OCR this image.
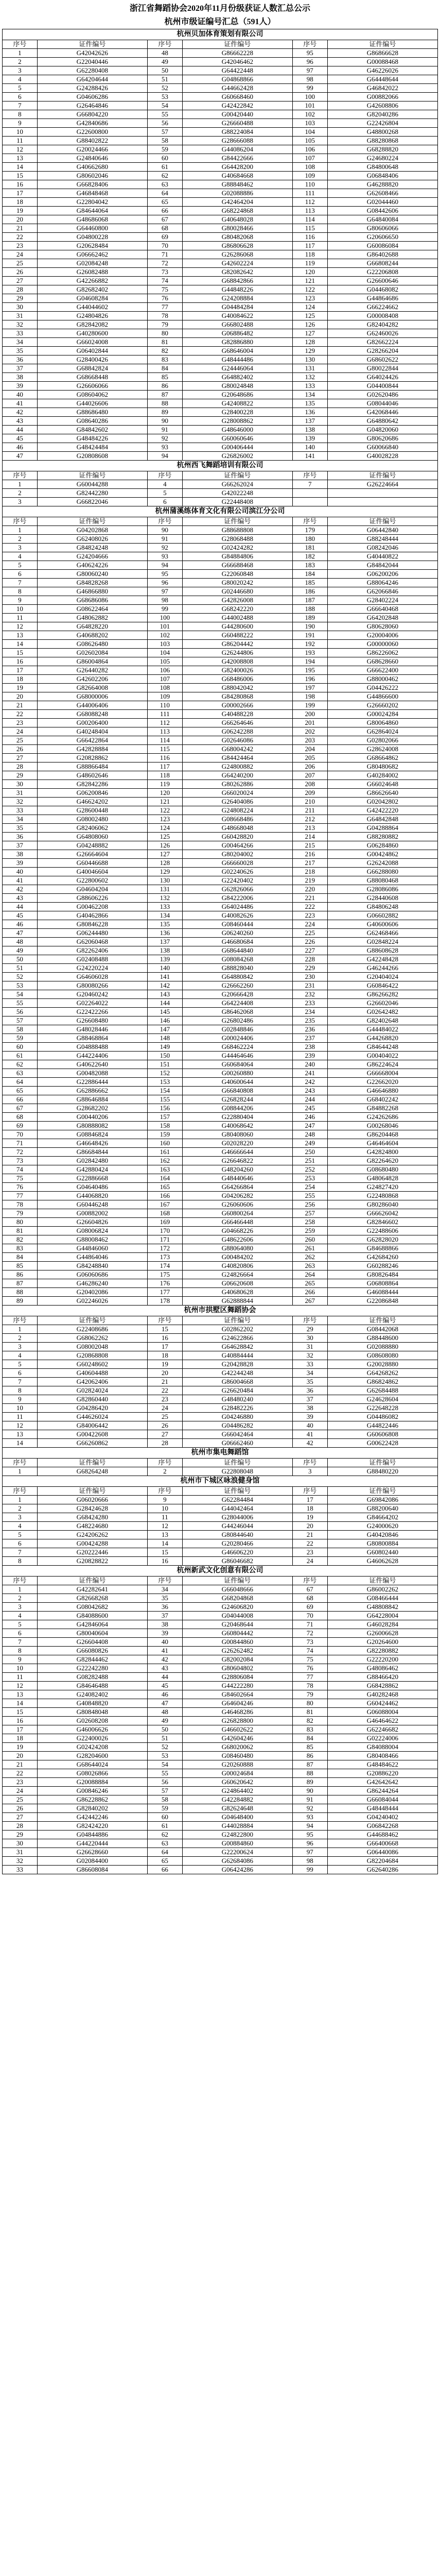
浙江省舞蹈协会2020年11月份级获证人数汇总公示
杭州市级证编号汇总（591人）
杭州贝加体育策划有限公司					
序号	证件编号	序号	证件编号	序号	证件编号
1	G42042626	48	G86662228	95	G86866628
2	G22040446	49	G42046462	96	G00088468
3	G62280408	50	G64422448	97	G46226026
4	G64204644	51	G04868866	98	G64448644
5	G24288426	52	G44662428	99	G46842022
6	G04606286	53	G60668460	100	G00882066
7	G26464846	54	G42422842	101	G42608806
8	G66804220	55	G00420440	102	G82040286
9	G42840686	56	G26660488	103	G22426804
10	G22600800	57	G88224084	104	G48800268
11	G88402822	58	G28666088	105	G88280868
12	G20024466	59	G44086204	106	G68288820
13	G24840646	60	G84422666	107	G24680224
14	G40662680	61	G64428200	108	G84800648
15	G80602046	62	G40684668	109	G06848406
16	G66828406	63	G88848462	110	G46288820
17	G46848468	64	G02088886	111	G62608466
18	G22804042	65	G42464204	112	G02044460
19	G84644064	66	G68224868	113	G08442606
20	G48686068	67	G40648028	114	G64840084
21	G64460800	68	G80028466	115	G80606066
22	G04800228	69	G80482068	116	G20606650
23	G20628484	70	G86806628	117	G60086084
24	G06662462	71	G26286068	118	G86402688
25	G02084248	72	G42602224	119	G66808244
26	G26082488	73	G82082642	120	G22206808
27	G42266882	74	G68842866	121	G26600646
28	G82682402	75	G44848226	122	G04468082
29	G04608284	76	G24208884	123	G44864686
30	G44044602	77	G04484284	124	G66224662
31	G24804826	78	G40084622	125	G00008408
32	G82842082	79	G66802488	126	G82404282
33	G40280600	80	G06886482	127	G62460026
34	G66024008	81	G82886880	128	G82662224
35	G06402844	82	G68646004	129	G28266204
36	G28400426	83	G48444486	130	G68602622
37	G68842824	84	G24446064	131	G80022844
38	G68668448	85	G64882402	132	G64024426
39	G26606066	86	G80024848	133	G04400844
40	G08604062	87	G20648686	134	G02620486
41	G44026606	88	G42408822	135	G08044046
42	G88686480	89	G28400228	136	G42068446
43	G08640286	90	G28008862	137	G64880642
44	G84842602	91	G48646000	138	G04820060
45	G48484226	92	G60060646	139	G80620686
46	G48424484	93	G00406444	140	G60066840
47	G20808608	94	G26826002	141	G40028228
杭州西飞舞蹈培训有限公司					
序号	证件编号	序号	证件编号	序号	证件编号
1	G60044288	4	G66262024	7	G26224664
2	G82442280	5	G42022248		
3	G66822046	6	G22448408		
杭州蒲溪练体育文化有限公司滨江分公司					
序号	证件编号	序号	证件编号	序号	证件编号
1	G04202868	90	G88688808	179	G06442840
2	G62408026	91	G28068488	180	G88248444
3	G84824248	92	G02424282	181	G08242046
4	G24204666	93	G84884806	182	G40440822
5	G40624226	94	G66688468	183	G84842044
6	G80060240	95	G22060848	184	G06200206
7	G84828268	96	G80020242	185	G88064246
8	G46866880	97	G02446680	186	G62066846
9	G68686086	98	G42826008	187	G28402224
10	G08622464	99	G68242220	188	G66640468
11	G48062882	100	G44002488	189	G64202848
12	G64828220	101	G44280600	190	G80628060
13	G40688202	102	G60488222	191	G20004006
14	G08626480	103	G86204442	192	G00000060
15	G02602084	104	G26244806	193	G86226062
16	G86004864	105	G42008808	194	G68628660
17	G26440282	106	G82400026	195	G66622400
18	G42602206	107	G68486006	196	G88000462
19	G82664008	108	G88042042	197	G04426222
20	G68000006	109	G84280868	198	G44866600
21	G44006406	110	G00002666	199	G26660202
22	G68088248	111	G40488228	200	G00024284
23	G00206400	112	G66264646	201	G80064860
24	G40248404	113	G06242288	202	G62864024
25	G66422864	114	G02646086	203	G02802066
26	G42828884	115	G68004242	204	G28624008
27	G20828862	116	G84424464	205	G68664862
28	G88866484	117	G24800882	206	G80480682
29	G48602646	118	G64240200	207	G40284002
30	G82842286	119	G80262886	208	G66024648
31	G06200846	120	G66020024	209	G86626640
32	G46624202	121	G26404086	210	G02042802
33	G28600448	122	G24808224	211	G42422220
34	G08002480	123	G08668486	212	G64842848
35	G82406062	124	G48668048	213	G04288864
36	G64808060	125	G60428820	214	G88280882
37	G04248882	126	G00464266	215	G06284860
38	G26664604	127	G80204002	216	G00424862
39	G60446688	128	G66660028	217	G26242088
40	G40046604	129	G02240626	218	G66288080
41	G22800602	130	G22420402	219	G88080468
42	G04604204	131	G62826066	220	G28086086
43	G88606226	132	G84222006	221	G28440608
44	G00462208	133	G64024486	222	G84806248
45	G40462866	134	G40082626	223	G06602882
46	G80846228	135	G08460444	224	G40600606
47	G06244480	136	G06240260	225	G62468466
48	G62060468	137	G46680684	226	G02848224
49	G82262406	138	G68644840	227	G88608628
50	G02408488	139	G08084268	228	G42248428
51	G24220224	140	G88828040	229	G46244266
52	G64606028	141	G64880842	230	G20404024
53	G80080266	142	G26662260	231	G60846422
54	G20460242	143	G20666428	232	G86266282
55	G02264022	144	G64224408	233	G26602046
56	G22422266	145	G86462068	234	G02642482
57	G26608480	146	G26802486	235	G82402648
58	G48028446	147	G02848846	236	G44484022
59	G88468864	148	G00024406	237	G44268820
60	G04888488	149	G68462224	238	G84644248
61	G44224406	150	G44464646	239	G00404022
62	G40622640	151	G60684064	240	G86224624
63	G00482088	152	G00260880	241	G66668004
64	G22886444	153	G40600644	242	G22662020
65	G62886662	154	G66840808	243	G46646880
66	G88646884	155	G26828244	244	G68402242
67	G28682202	156	G08844206	245	G84882268
68	G00440206	157	G22880404	246	G24262686
69	G80888082	158	G40068642	247	G00268046
70	G08846824	159	G80408060	248	G86204468
71	G46648426	160	G02028220	249	G46464604
72	G86684844	161	G46666644	250	G42824800
73	G02842480	162	G26646822	251	G82264620
74	G42880424	163	G48204260	252	G08680480
75	G22886668	164	G48440646	253	G48064828
76	G04640486	165	G64266864	254	G24827420
77	G44068820	166	G04206282	255	G22480868
78	G60446248	167	G26060606	256	G80286040
79	G00882002	168	G60800264	257	G66626042
80	G26604826	169	G66466448	258	G82846602
81	G08006824	170	G04668226	259	G22488606
82	G88008462	171	G48622606	260	G62828020
83	G44846060	172	G88064080	261	G84688866
84	G44864046	173	G00484202	262	G42684260
85	G84248840	174	G40820806	263	G60288246
86	G06060686	175	G24826664	264	G80826484
87	G46286240	176	G06620608	265	G06808864
88	G20402086	177	G40680628	266	G46088444
89	G02246026	178	G62888844	267	G22086848
杭州市拱墅区舞蹈协会					
序号	证件编号	序号	证件编号	序号	证件编号
1	G22408686	15	G02862202	29	G08442068
2	G68062262	16	G24622866	30	G88448600
3	G08002048	17	G64628842	31	G02088880
4	G20868808	18	G40884444	32	G08608080
5	G60248602	19	G20428828	33	G20028880
6	G40604488	20	G42244248	34	G64268262
7	G42062406	21	G86004668	35	G86824862
8	G02824024	22	G26620484	36	G62684488
9	G82860440	23	G48480240	37	G24628604
10	G04286420	24	G28482226	38	G22648228
11	G44626024	25	G04246880	39	G04486082
12	G84006442	26	G04486282	40	G44822446
13	G00422608	27	G66042464	41	G60606808
14	G66260862	28	G06662460	42	G00622428
杭州市集电舞蹈馆					
序号	证件编号	序号	证件编号	序号	证件编号
1	G68264248	2	G22808048	3	G88480220
杭州市下城区咏浪健身馆					
序号	证件编号	序号	证件编号	序号	证件编号
1	G06020666	9	G62284484	17	G69842086
2	G28424628	10	G44042464	18	G88200640
3	G68424280	11	G28044006	19	G84664202
4	G48224680	12	G44246044	20	G24000620
5	G24206262	13	G80844640	21	G40420846
6	G00424288	14	G20280466	22	G80800884
7	G20222446	15	G46606220	23	G60802440
8	G20828822	16	G86046682	24	G46062628
杭州新武文化创意有限公司					
序号	证件编号	序号	证件编号	序号	证件编号
1	G42282641	34	G66048666	67	G86002262
2	G82668268	35	G68204868	68	G08466444
3	G08042682	36	G24606820	69	G48808842
4	G84088600	37	G04044008	70	G64228004
5	G42846064	38	G20468644	71	G46028284
6	G80040604	39	G60804442	72	G26006628
7	G26604408	40	G00844860	73	G20264600
8	G66080826	41	G26262482	74	G82280882
9	G82844462	42	G82002084	75	G22220200
10	G22242280	43	G80604802	76	G48086462
11	G08282488	44	G28806084	77	G88466420
12	G84646488	45	G44222280	78	G68428862
13	G24082402	46	G84602664	79	G40282468
14	G40848820	47	G64604246	80	G60424462
15	G80848048	48	G46468286	81	G06088004
16	G02608208	49	G26828800	82	G46464622
17	G46006626	50	G46602622	83	G62246682
18	G22400026	51	G42604246	84	G02224006
19	G02424208	52	G68020062	85	G84088004
20	G28204600	53	G08460480	86	G80408466
21	G68644024	54	G20260888	87	G48484622
22	G08026866	55	G00024684	88	G20886220
23	G20088884	56	G60620642	89	G42642642
24	G00846246	57	G24864402	90	G86244264
25	G86228862	58	G42284882	91	G66084044
26	G82840202	59	G82624648	92	G48448444
27	G42442246	60	G04648400	93	G04240402
28	G82424220	61	G44028884	94	G06842268
29	G04844886	62	G24822800	95	G44688462
30	G44220444	63	G00884860	96	G66400668
31	G26628660	64	G22200624	97	G06440086
32	G02084400	65	G62684086	98	G82204684
33	G86608084	66	G06424286	99	G62640286
